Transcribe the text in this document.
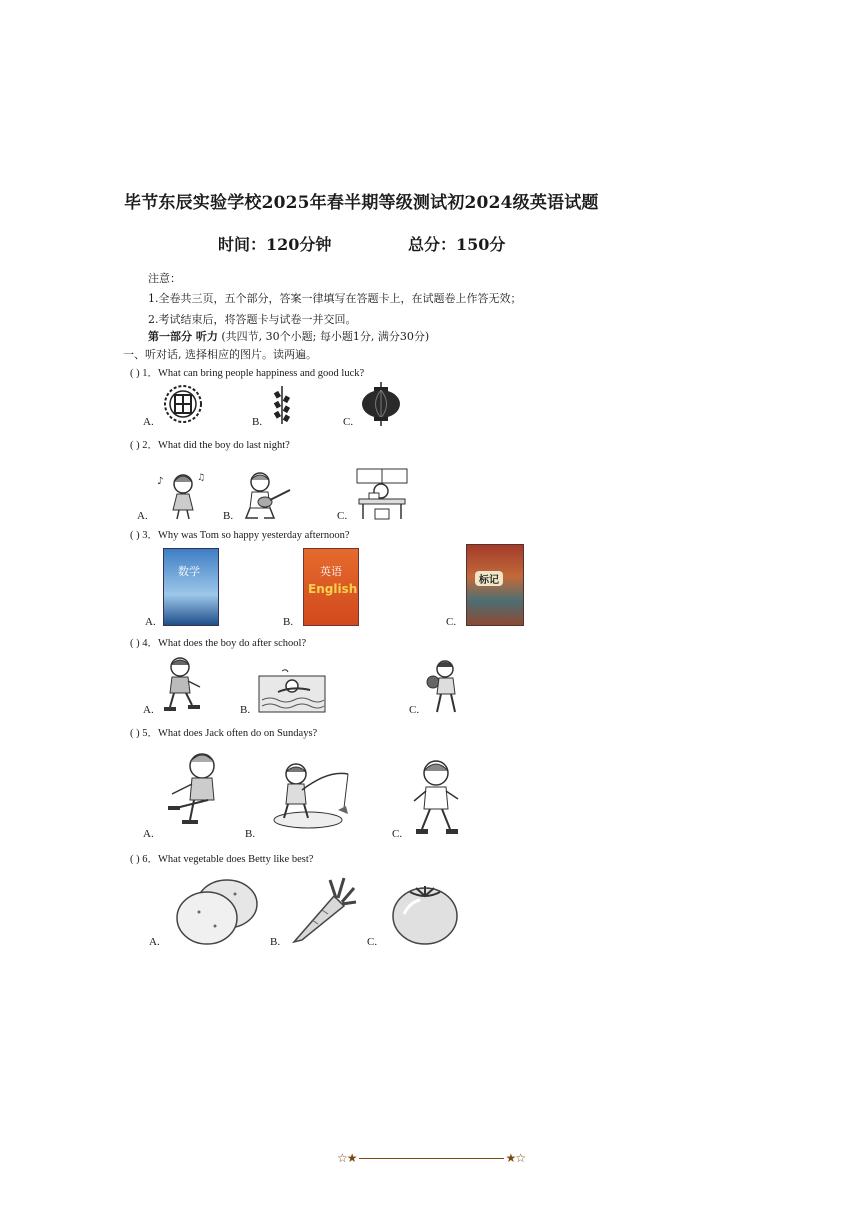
毕节东辰实验学校2025年春半期等级测试初2024级英语试题
时间：120分钟	总分：150分
注意：
1.全卷共三页，五个部分，答案一律填写在答题卡上，在试题卷上作答无效；
2.考试结束后，将答题卡与试卷一并交回。
第一部分 听力 (共四节, 30个小题; 每小题1分, 满分30分)
一、听对话, 选择相应的图片。读两遍。
( ) 1．What can bring people happiness and good luck?
A.	B.	C.
( ) 2．What did the boy do last night?
A.	B.	C.
♪	♫
( ) 3．Why was Tom so happy yesterday afternoon?
A.	B.	C.
数学	英语
English
标记
( ) 4．What does the boy do after school?
A.	B.	C.
( ) 5．What does Jack often do on Sundays?
A.	B.	C.
( ) 6．What vegetable does Betty like best?
A.	B.	C.
☆★	★☆
